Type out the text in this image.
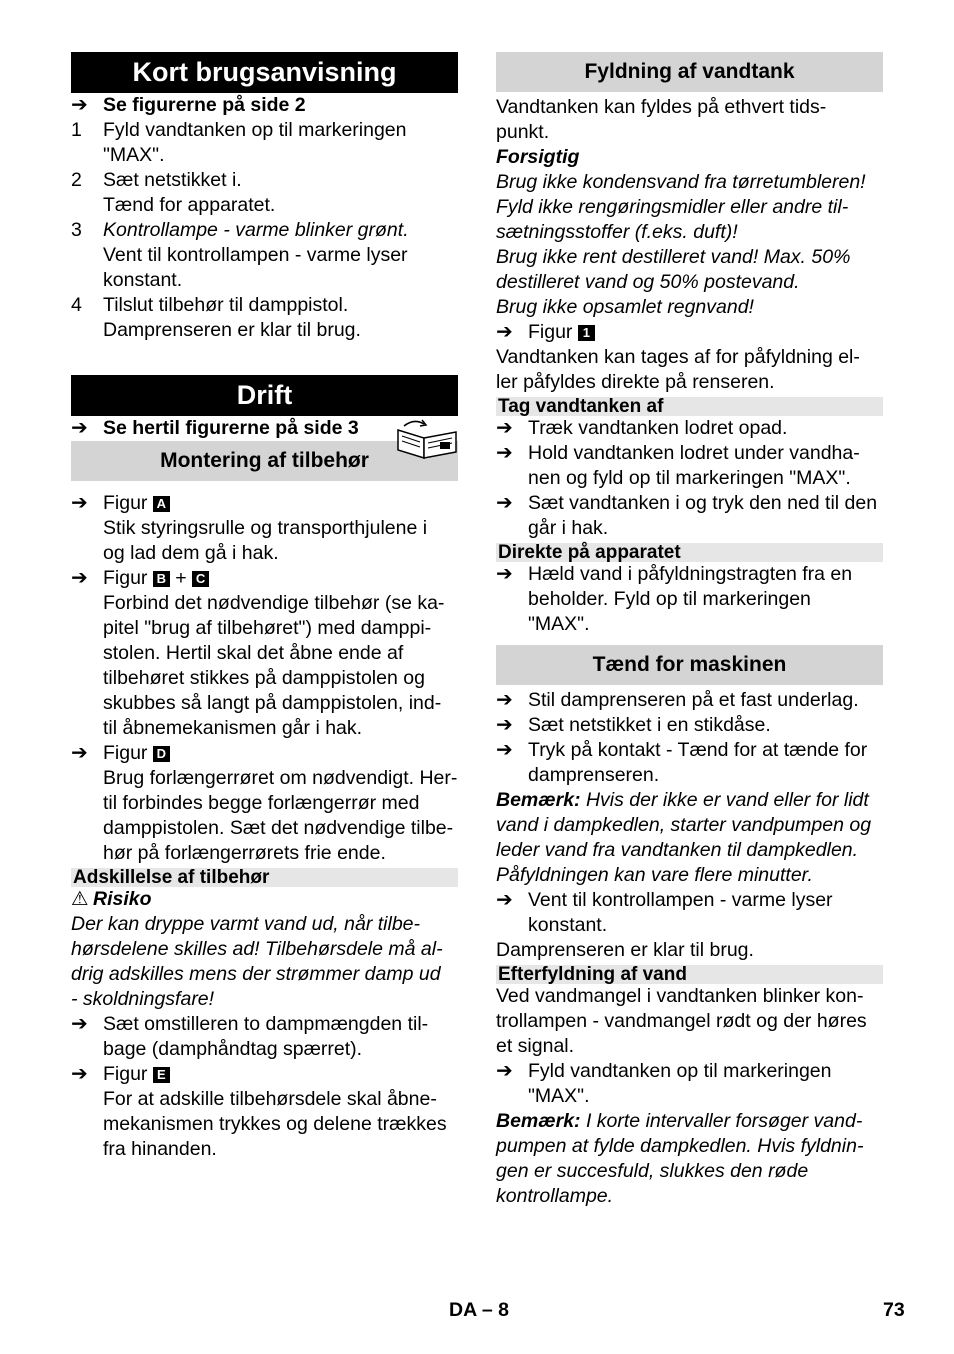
Kort brugsanvisning
➔ Se figurerne på side 2
1	Fyld vandtanken op til markeringen
"MAX".
2	Sæt netstikket i.
Tænd for apparatet.
3	Kontrollampe - varme blinker grønt.
Vent til kontrollampen - varme lyser
konstant.
4	Tilslut tilbehør til damppistol.
Damprenseren er klar til brug.
Drift
➔ Se hertil figurerne på side 3
Montering af tilbehør
➔ Figur A
Stik styringsrulle og transporthjulene i
og lad dem gå i hak.
➔ Figur B + C
Forbind det nødvendige tilbehør (se ka-
pitel "brug af tilbehøret") med damppi-
stolen. Hertil skal det åbne ende af
tilbehøret stikkes på damppistolen og
skubbes så langt på damppistolen, ind-
til åbnemekanismen går i hak.
➔ Figur D
Brug forlængerrøret om nødvendigt. Her-
til forbindes begge forlængerrør med
damppistolen. Sæt det nødvendige tilbe-
hør på forlængerrørets frie ende.
Adskillelse af tilbehør
⚠ Risiko
Der kan dryppe varmt vand ud, når tilbe-
hørsdelene skilles ad! Tilbehørsdele må al-
drig adskilles mens der strømmer damp ud
- skoldningsfare!
➔ Sæt omstilleren to dampmængden til-
bage (damphåndtag spærret).
➔ Figur E
For at adskille tilbehørsdele skal åbne-
mekanismen trykkes og delene trækkes
fra hinanden.
Fyldning af vandtank
Vandtanken kan fyldes på ethvert tids-
punkt.
Forsigtig
Brug ikke kondensvand fra tørretumbleren!
Fyld ikke rengøringsmidler eller andre til-
sætningsstoffer (f.eks. duft)!
Brug ikke rent destilleret vand! Max. 50%
destilleret vand og 50% postevand.
Brug ikke opsamlet regnvand!
➔ Figur 1
Vandtanken kan tages af for påfyldning el-
ler påfyldes direkte på renseren.
Tag vandtanken af
➔ Træk vandtanken lodret opad.
➔ Hold vandtanken lodret under vandha-
nen og fyld op til markeringen "MAX".
➔ Sæt vandtanken i og tryk den ned til den
går i hak.
Direkte på apparatet
➔ Hæld vand i påfyldningstragten fra en
beholder. Fyld op til markeringen
"MAX".
Tænd for maskinen
➔ Stil damprenseren på et fast underlag.
➔ Sæt netstikket i en stikdåse.
➔ Tryk på kontakt - Tænd for at tænde for
damprenseren.
Bemærk: Hvis der ikke er vand eller for lidt
vand i dampkedlen, starter vandpumpen og
leder vand fra vandtanken til dampkedlen.
Påfyldningen kan vare flere minutter.
➔ Vent til kontrollampen - varme lyser
konstant.
Damprenseren er klar til brug.
Efterfyldning af vand
Ved vandmangel i vandtanken blinker kon-
trollampen - vandmangel rødt og der høres
et signal.
➔ Fyld vandtanken op til markeringen
"MAX".
Bemærk: I korte intervaller forsøger vand-
pumpen at fylde dampkedlen. Hvis fyldnin-
gen er succesfuld, slukkes den røde
kontrollampe.
DA – 8	73
